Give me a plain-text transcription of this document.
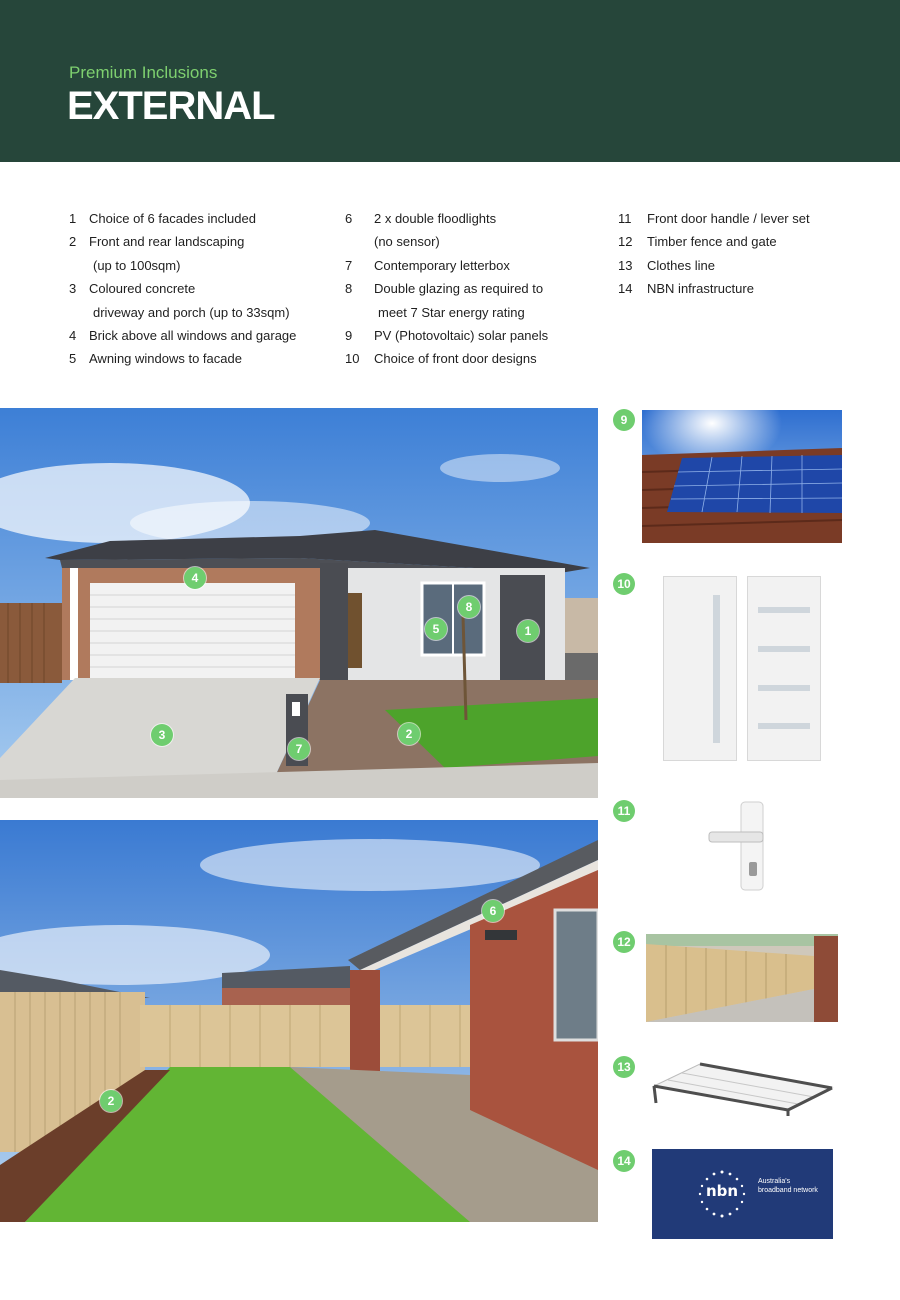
Premium Inclusions
EXTERNAL
1 Choice of 6 facades included
2 Front and rear landscaping
(up to 100sqm)
3 Coloured concrete
driveway and porch (up to 33sqm)
4 Brick above all windows and garage
5 Awning windows to facade
6	2 x double floodlights
(no sensor)
7	Contemporary letterbox
8	Double glazing as required to
meet 7 Star energy rating
9	PV (Photovoltaic) solar panels
10	Choice of front door designs
11	Front door handle / lever set
12	Timber fence and gate
13	Clothes line
14	NBN infrastructure
4
8
5	1
3
7
2
6
2
9
10
11
12
13
14
nbn
Australia's broadband network
